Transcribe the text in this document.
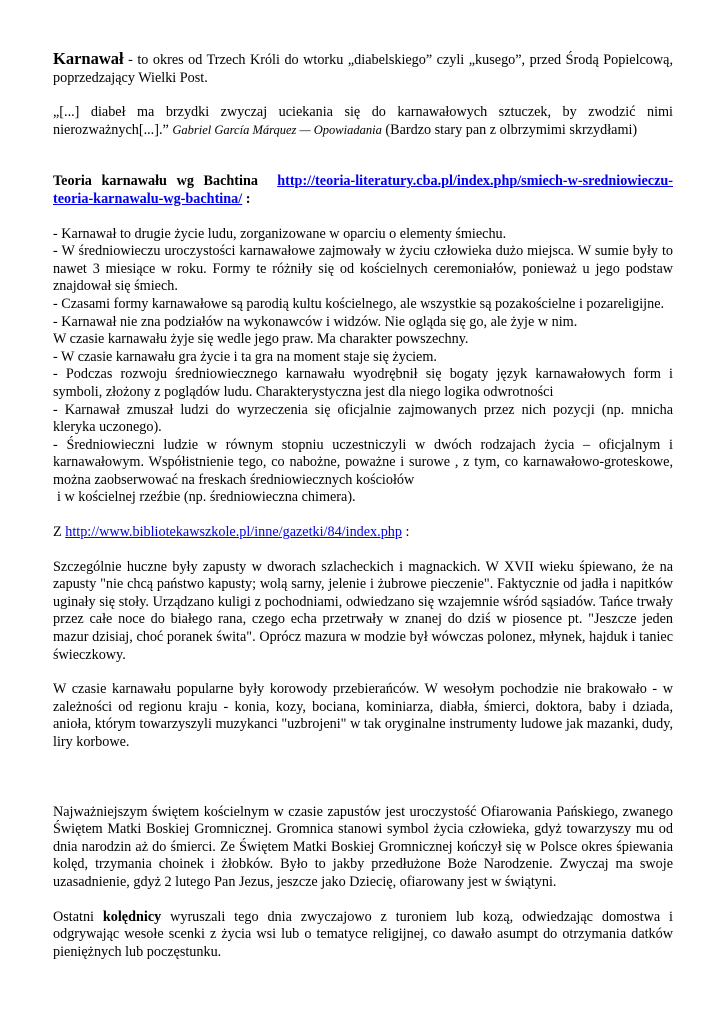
Karnawał - to okres od Trzech Króli do wtorku „diabelskiego” czyli „kusego”, przed Środą Popielcową, poprzedzający Wielki Post.

„[...] diabeł ma brzydki zwyczaj uciekania się do karnawałowych sztuczek, by zwodzić nimi nierozważnych[...].” Gabriel García Márquez — Opowiadania (Bardzo stary pan z olbrzymimi skrzydłami)

Teoria karnawału wg Bachtina http://teoria-literatury.cba.pl/index.php/smiech-w-sredniowieczu-teoria-karnawalu-wg-bachtina/ :

- Karnawał to drugie życie ludu, zorganizowane w oparciu o elementy śmiechu.

- W średniowieczu uroczystości karnawałowe zajmowały w życiu człowieka dużo miejsca. W sumie były to nawet 3 miesiące w roku. Formy te różniły się od kościelnych ceremoniałów, ponieważ u jego podstaw znajdował się śmiech.

- Czasami formy karnawałowe są parodią kultu kościelnego, ale wszystkie są pozakościelne i pozareligijne.

- Karnawał nie zna podziałów na wykonawców i widzów. Nie ogląda się go, ale żyje w nim.

W czasie karnawału żyje się wedle jego praw. Ma charakter powszechny.

- W czasie karnawału gra życie i ta gra na moment staje się życiem.

- Podczas rozwoju średniowiecznego karnawału wyodrębnił się bogaty język karnawałowych form i symboli, złożony z poglądów ludu. Charakterystyczna jest dla niego logika odwrotności

- Karnawał zmuszał ludzi do wyrzeczenia się oficjalnie zajmowanych przez nich pozycji (np. mnicha kleryka uczonego).

- Średniowieczni ludzie w równym stopniu uczestniczyli w dwóch rodzajach życia – oficjalnym i karnawałowym. Współistnienie tego, co nabożne, poważne i surowe , z tym, co karnawałowo-groteskowe, można zaobserwować na freskach średniowiecznych kościołów

i w kościelnej rzeźbie (np. średniowieczna chimera).

Z http://www.bibliotekawszkole.pl/inne/gazetki/84/index.php :

Szczególnie huczne były zapusty w dworach szlacheckich i magnackich. W XVII wieku śpiewano, że na zapusty "nie chcą państwo kapusty; wolą sarny, jelenie i żubrowe pieczenie". Faktycznie od jadła i napitków uginały się stoły. Urządzano kuligi z pochodniami, odwiedzano się wzajemnie wśród sąsiadów. Tańce trwały przez całe noce do białego rana, czego echa przetrwały w znanej do dziś w piosence pt. "Jeszcze jeden mazur dzisiaj, choć poranek świta". Oprócz mazura w modzie był wówczas polonez, młynek, hajduk i taniec świeczkowy.

W czasie karnawału popularne były korowody przebierańców. W wesołym pochodzie nie brakowało - w zależności od regionu kraju - konia, kozy, bociana, kominiarza, diabła, śmierci, doktora, baby i dziada, anioła, którym towarzyszyli muzykanci "uzbrojeni" w tak oryginalne instrumenty ludowe jak mazanki, dudy, liry korbowe.

Najważniejszym świętem kościelnym w czasie zapustów jest uroczystość Ofiarowania Pańskiego, zwanego Świętem Matki Boskiej Gromnicznej. Gromnica stanowi symbol życia człowieka, gdyż towarzyszy mu od dnia narodzin aż do śmierci. Ze Świętem Matki Boskiej Gromnicznej kończył się w Polsce okres śpiewania kolęd, trzymania choinek i żłobków. Było to jakby przedłużone Boże Narodzenie. Zwyczaj ma swoje uzasadnienie, gdyż 2 lutego Pan Jezus, jeszcze jako Dziecię, ofiarowany jest w świątyni.

Ostatni kolędnicy wyruszali tego dnia zwyczajowo z turoniem lub kozą, odwiedzając domostwa i odgrywając wesołe scenki z życia wsi lub o tematyce religijnej, co dawało asumpt do otrzymania datków pieniężnych lub poczęstunku.
